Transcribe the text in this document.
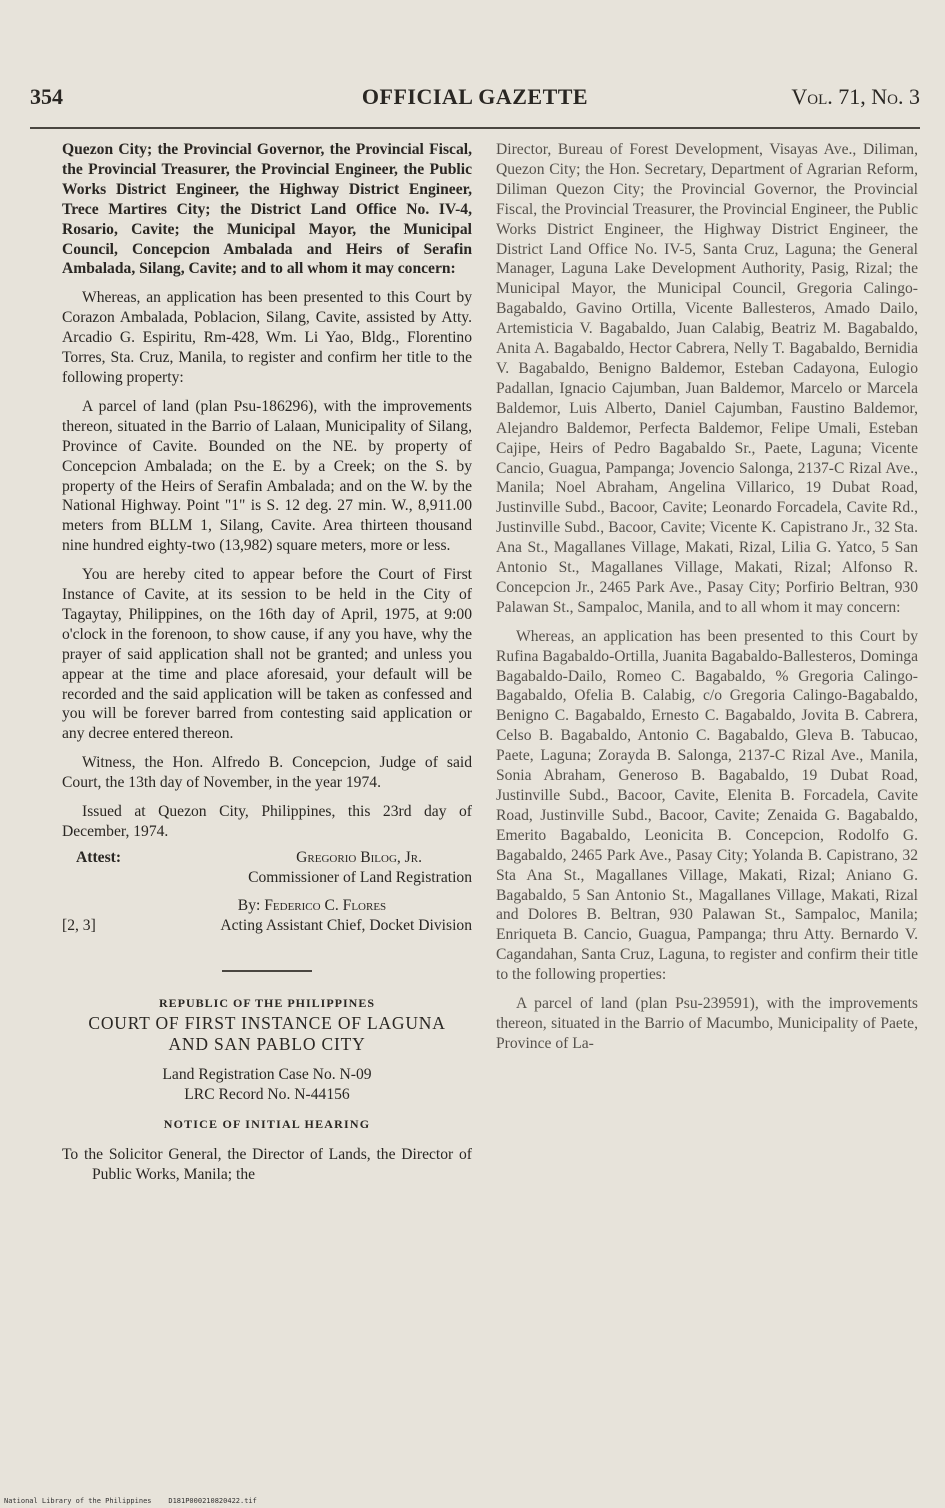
354	OFFICIAL GAZETTE	Vol. 71, No. 3

Quezon City; the Provincial Governor, the Provincial Fiscal, the Provincial Treasurer, the Provincial Engineer, the Public Works District Engineer, the Highway District Engineer, Trece Martires City; the District Land Office No. IV-4, Rosario, Cavite; the Municipal Mayor, the Municipal Council, Concepcion Ambalada and Heirs of Serafin Ambalada, Silang, Cavite; and to all whom it may concern:

Whereas, an application has been presented to this Court by Corazon Ambalada, Poblacion, Silang, Cavite, assisted by Atty. Arcadio G. Espiritu, Rm-428, Wm. Li Yao, Bldg., Florentino Torres, Sta. Cruz, Manila, to register and confirm her title to the following property:

A parcel of land (plan Psu-186296), with the improvements thereon, situated in the Barrio of Lalaan, Municipality of Silang, Province of Cavite. Bounded on the NE. by property of Concepcion Ambalada; on the E. by a Creek; on the S. by property of the Heirs of Serafin Ambalada; and on the W. by the National Highway. Point "1" is S. 12 deg. 27 min. W., 8,911.00 meters from BLLM 1, Silang, Cavite. Area thirteen thousand nine hundred eighty-two (13,982) square meters, more or less.

You are hereby cited to appear before the Court of First Instance of Cavite, at its session to be held in the City of Tagaytay, Philippines, on the 16th day of April, 1975, at 9:00 o'clock in the forenoon, to show cause, if any you have, why the prayer of said application shall not be granted; and unless you appear at the time and place aforesaid, your default will be recorded and the said application will be taken as confessed and you will be forever barred from contesting said application or any decree entered thereon.

Witness, the Hon. Alfredo B. Concepcion, Judge of said Court, the 13th day of November, in the year 1974.

Issued at Quezon City, Philippines, this 23rd day of December, 1974.

Attest:	Gregorio Bilog, Jr.
Commissioner of Land Registration
By: Federico C. Flores
[2, 3]	Acting Assistant Chief, Docket Division
REPUBLIC OF THE PHILIPPINES
COURT OF FIRST INSTANCE OF LAGUNA
AND SAN PABLO CITY

Land Registration Case No. N-09

LRC Record No. N-44156

NOTICE OF INITIAL HEARING

To the Solicitor General, the Director of Lands, the Director of Public Works, Manila; the

Director, Bureau of Forest Development, Visayas Ave., Diliman, Quezon City; the Hon. Secretary, Department of Agrarian Reform, Diliman Quezon City; the Provincial Governor, the Provincial Fiscal, the Provincial Treasurer, the Provincial Engineer, the Public Works District Engineer, the Highway District Engineer, the District Land Office No. IV-5, Santa Cruz, Laguna; the General Manager, Laguna Lake Development Authority, Pasig, Rizal; the Municipal Mayor, the Municipal Council, Gregoria Calingo-Bagabaldo, Gavino Ortilla, Vicente Ballesteros, Amado Dailo, Artemisticia V. Bagabaldo, Juan Calabig, Beatriz M. Bagabaldo, Anita A. Bagabaldo, Hector Cabrera, Nelly T. Bagabaldo, Bernidia V. Bagabaldo, Benigno Baldemor, Esteban Cadayona, Eulogio Padallan, Ignacio Cajumban, Juan Baldemor, Marcelo or Marcela Baldemor, Luis Alberto, Daniel Cajumban, Faustino Baldemor, Alejandro Baldemor, Perfecta Baldemor, Felipe Umali, Esteban Cajipe, Heirs of Pedro Bagabaldo Sr., Paete, Laguna; Vicente Cancio, Guagua, Pampanga; Jovencio Salonga, 2137-C Rizal Ave., Manila; Noel Abraham, Angelina Villarico, 19 Dubat Road, Justinville Subd., Bacoor, Cavite; Leonardo Forcadela, Cavite Rd., Justinville Subd., Bacoor, Cavite; Vicente K. Capistrano Jr., 32 Sta. Ana St., Magallanes Village, Makati, Rizal, Lilia G. Yatco, 5 San Antonio St., Magallanes Village, Makati, Rizal; Alfonso R. Concepcion Jr., 2465 Park Ave., Pasay City; Porfirio Beltran, 930 Palawan St., Sampaloc, Manila, and to all whom it may concern:

Whereas, an application has been presented to this Court by Rufina Bagabaldo-Ortilla, Juanita Bagabaldo-Ballesteros, Dominga Bagabaldo-Dailo, Romeo C. Bagabaldo, % Gregoria Calingo-Bagabaldo, Ofelia B. Calabig, c/o Gregoria Calingo-Bagabaldo, Benigno C. Bagabaldo, Ernesto C. Bagabaldo, Jovita B. Cabrera, Celso B. Bagabaldo, Antonio C. Bagabaldo, Gleva B. Tabucao, Paete, Laguna; Zorayda B. Salonga, 2137-C Rizal Ave., Manila, Sonia Abraham, Generoso B. Bagabaldo, 19 Dubat Road, Justinville Subd., Bacoor, Cavite, Elenita B. Forcadela, Cavite Road, Justinville Subd., Bacoor, Cavite; Zenaida G. Bagabaldo, Emerito Bagabaldo, Leonicita B. Concepcion, Rodolfo G. Bagabaldo, 2465 Park Ave., Pasay City; Yolanda B. Capistrano, 32 Sta Ana St., Magallanes Village, Makati, Rizal; Aniano G. Bagabaldo, 5 San Antonio St., Magallanes Village, Makati, Rizal and Dolores B. Beltran, 930 Palawan St., Sampaloc, Manila; Enriqueta B. Cancio, Guagua, Pampanga; thru Atty. Bernardo V. Cagandahan, Santa Cruz, Laguna, to register and confirm their title to the following properties:

A parcel of land (plan Psu-239591), with the improvements thereon, situated in the Barrio of Macumbo, Municipality of Paete, Province of La-

National Library of the Philippines    D181P000210820422.tif
